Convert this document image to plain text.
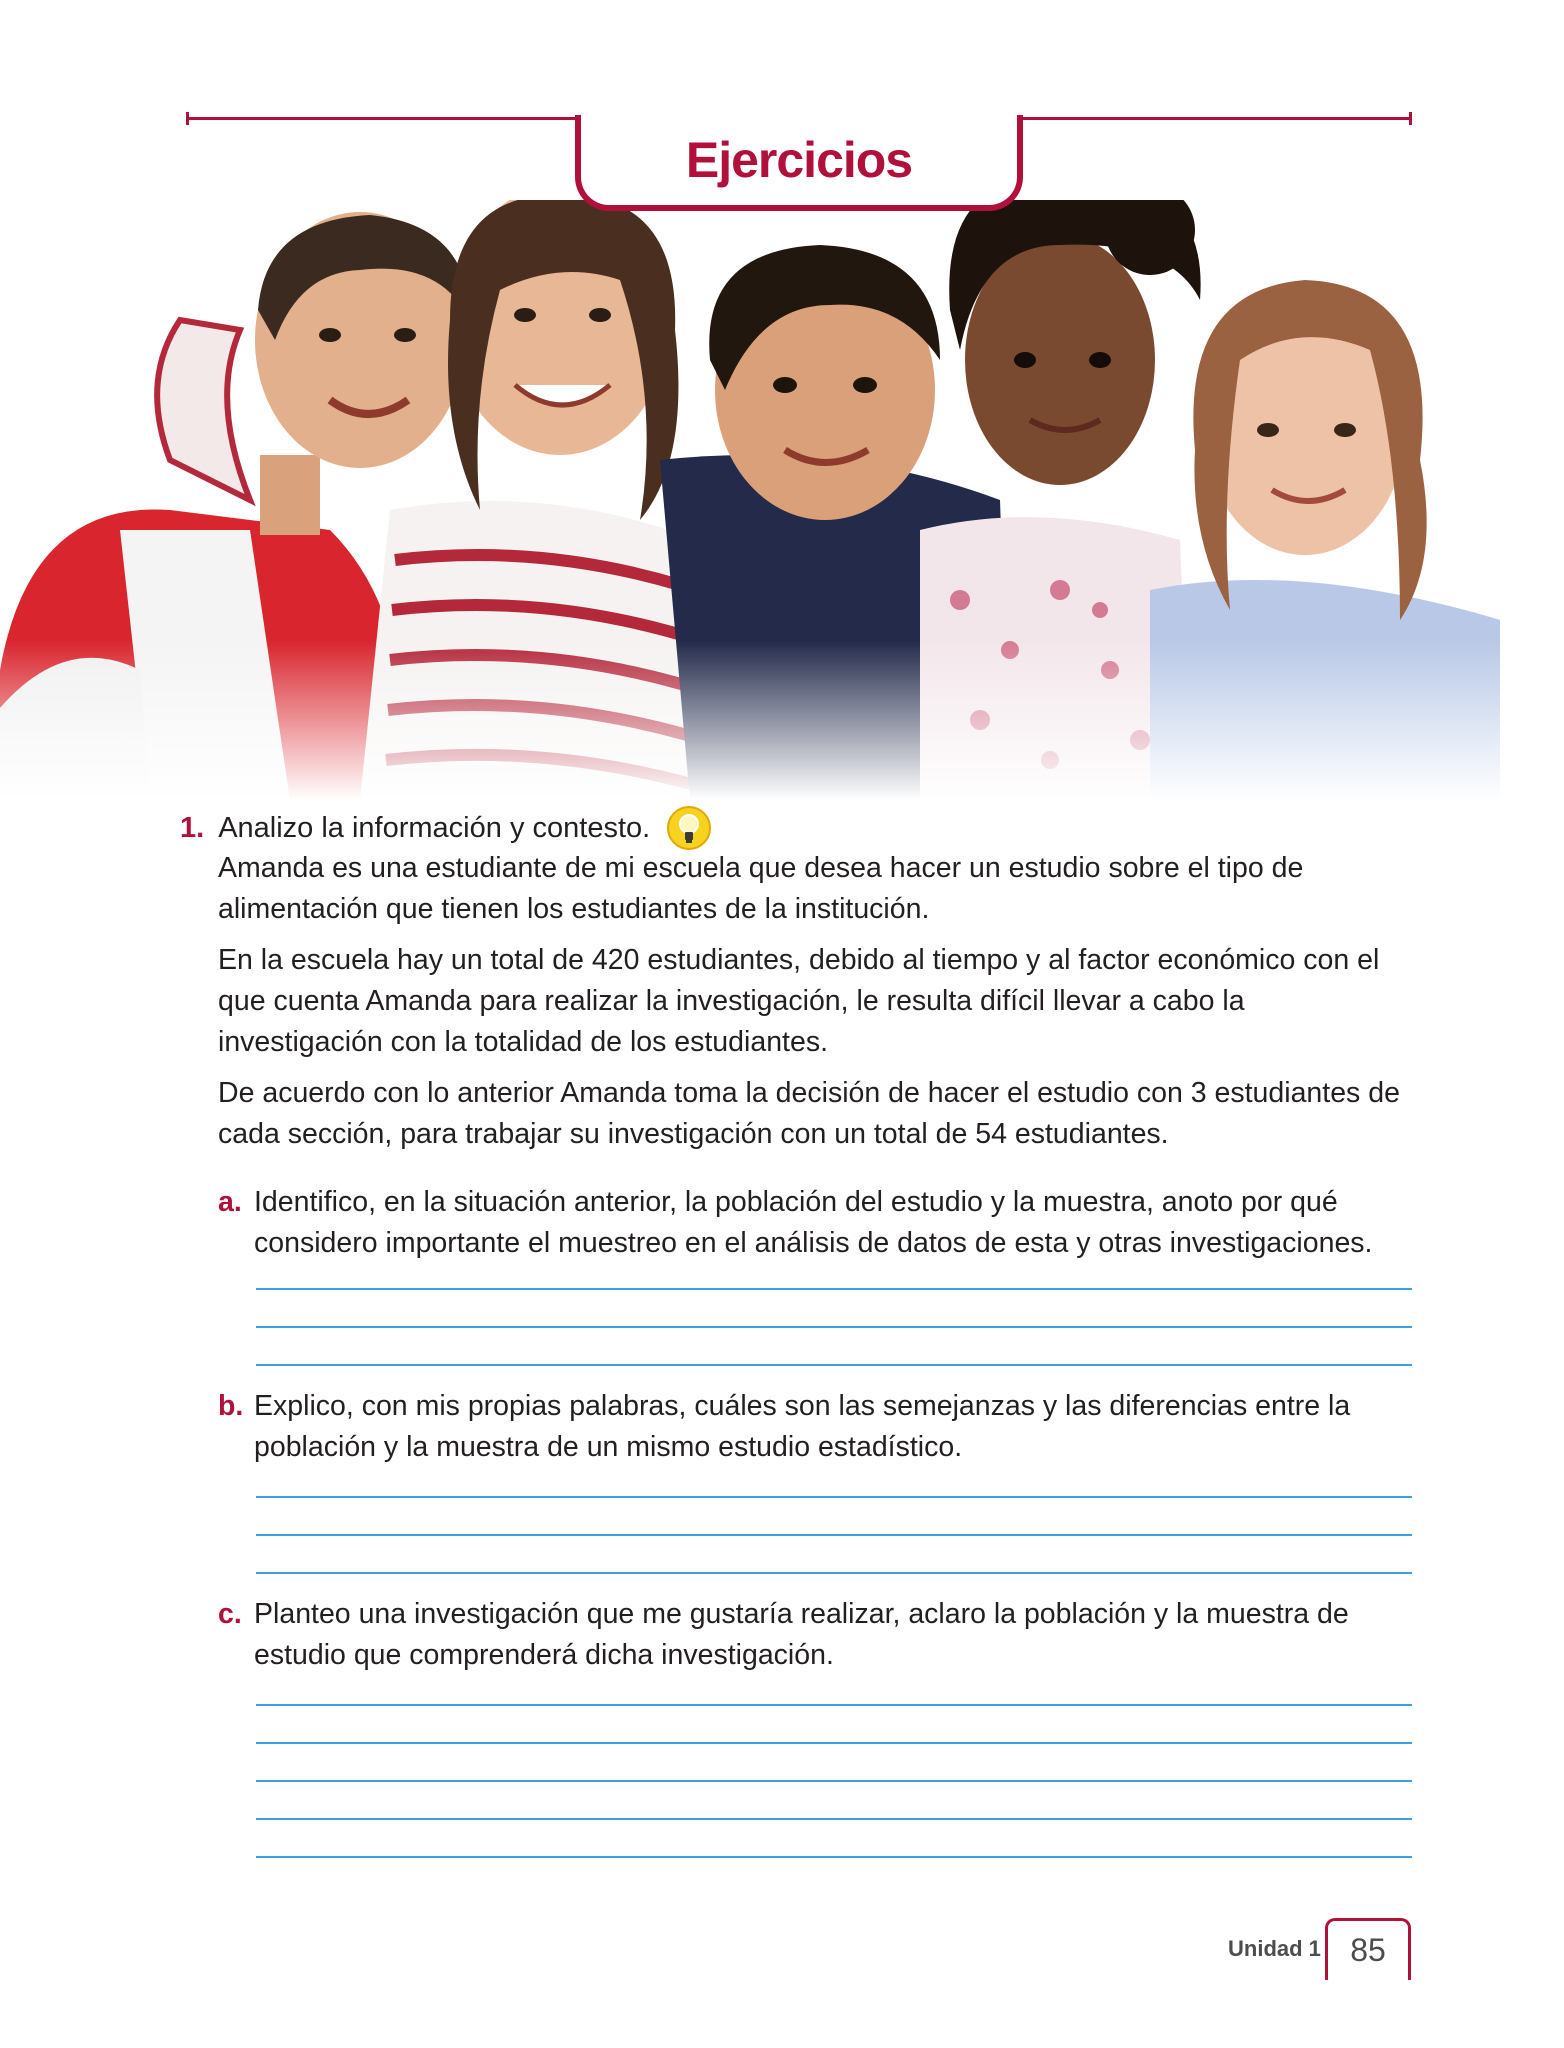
Ejercicios
1. Analizo la información y contesto.

Amanda es una estudiante de mi escuela que desea hacer un estudio sobre el tipo de alimentación que tienen los estudiantes de la institución.

En la escuela hay un total de 420 estudiantes, debido al tiempo y al factor económico con el que cuenta Amanda para realizar la investigación, le resulta difícil llevar a cabo la investigación con la totalidad de los estudiantes.

De acuerdo con lo anterior Amanda toma la decisión de hacer el estudio con 3 estudiantes de cada sección, para trabajar su investigación con un total de 54 estudiantes.

a. Identifico, en la situación anterior, la población del estudio y la muestra, anoto por qué considero importante el muestreo en el análisis de datos de esta y otras investigaciones.
b. Explico, con mis propias palabras, cuáles son las semejanzas y las diferencias entre la población y la muestra de un mismo estudio estadístico.
c. Planteo una investigación que me gustaría realizar, aclaro la población y la muestra de estudio que comprenderá dicha investigación.
Unidad 1 85
